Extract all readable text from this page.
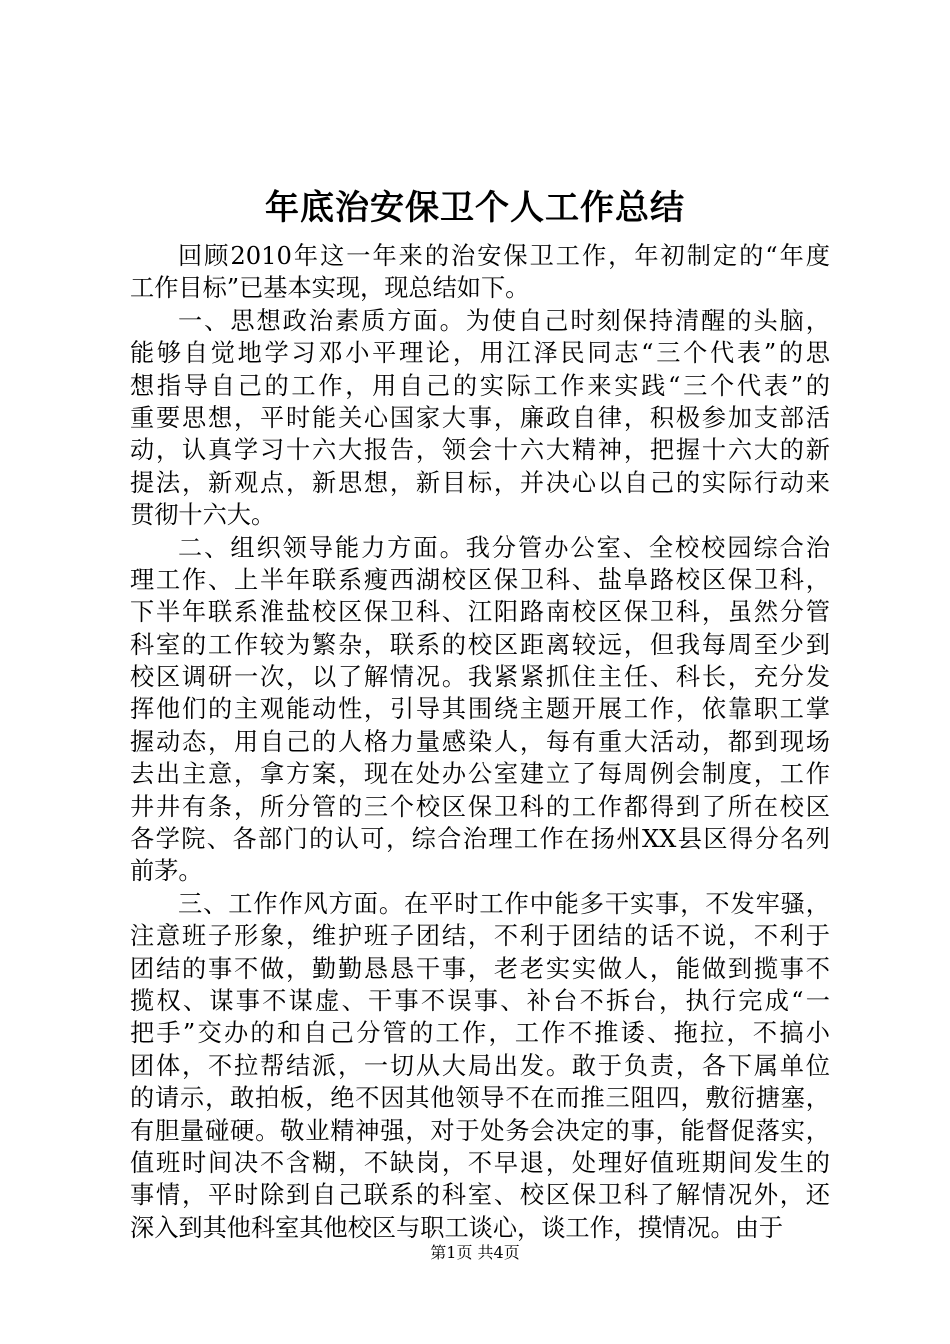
年底治安保卫个人工作总结
回顾2010年这一年来的治安保卫工作，年初制定的“年度
工作目标”已基本实现，现总结如下。
一、思想政治素质方面。为使自己时刻保持清醒的头脑，
能够自觉地学习邓小平理论，用江泽民同志“三个代表”的思
想指导自己的工作，用自己的实际工作来实践“三个代表”的
重要思想，平时能关心国家大事，廉政自律，积极参加支部活
动，认真学习十六大报告，领会十六大精神，把握十六大的新
提法，新观点，新思想，新目标，并决心以自己的实际行动来
贯彻十六大。
二、组织领导能力方面。我分管办公室、全校校园综合治
理工作、上半年联系瘦西湖校区保卫科、盐阜路校区保卫科，
下半年联系淮盐校区保卫科、江阳路南校区保卫科，虽然分管
科室的工作较为繁杂，联系的校区距离较远，但我每周至少到
校区调研一次，以了解情况。我紧紧抓住主任、科长，充分发
挥他们的主观能动性，引导其围绕主题开展工作，依靠职工掌
握动态，用自己的人格力量感染人，每有重大活动，都到现场
去出主意，拿方案，现在处办公室建立了每周例会制度，工作
井井有条，所分管的三个校区保卫科的工作都得到了所在校区
各学院、各部门的认可，综合治理工作在扬州XX县区得分名列
前茅。
三、工作作风方面。在平时工作中能多干实事，不发牢骚，
注意班子形象，维护班子团结，不利于团结的话不说，不利于
团结的事不做，勤勤恳恳干事，老老实实做人，能做到揽事不
揽权、谋事不谋虚、干事不误事、补台不拆台，执行完成“一
把手”交办的和自己分管的工作，工作不推诿、拖拉，不搞小
团体，不拉帮结派，一切从大局出发。敢于负责，各下属单位
的请示，敢拍板，绝不因其他领导不在而推三阻四，敷衍搪塞，
有胆量碰硬。敬业精神强，对于处务会决定的事，能督促落实，
值班时间决不含糊，不缺岗，不早退，处理好值班期间发生的
事情，平时除到自己联系的科室、校区保卫科了解情况外，还
深入到其他科室其他校区与职工谈心，谈工作，摸情况。由于
第1页 共4页
